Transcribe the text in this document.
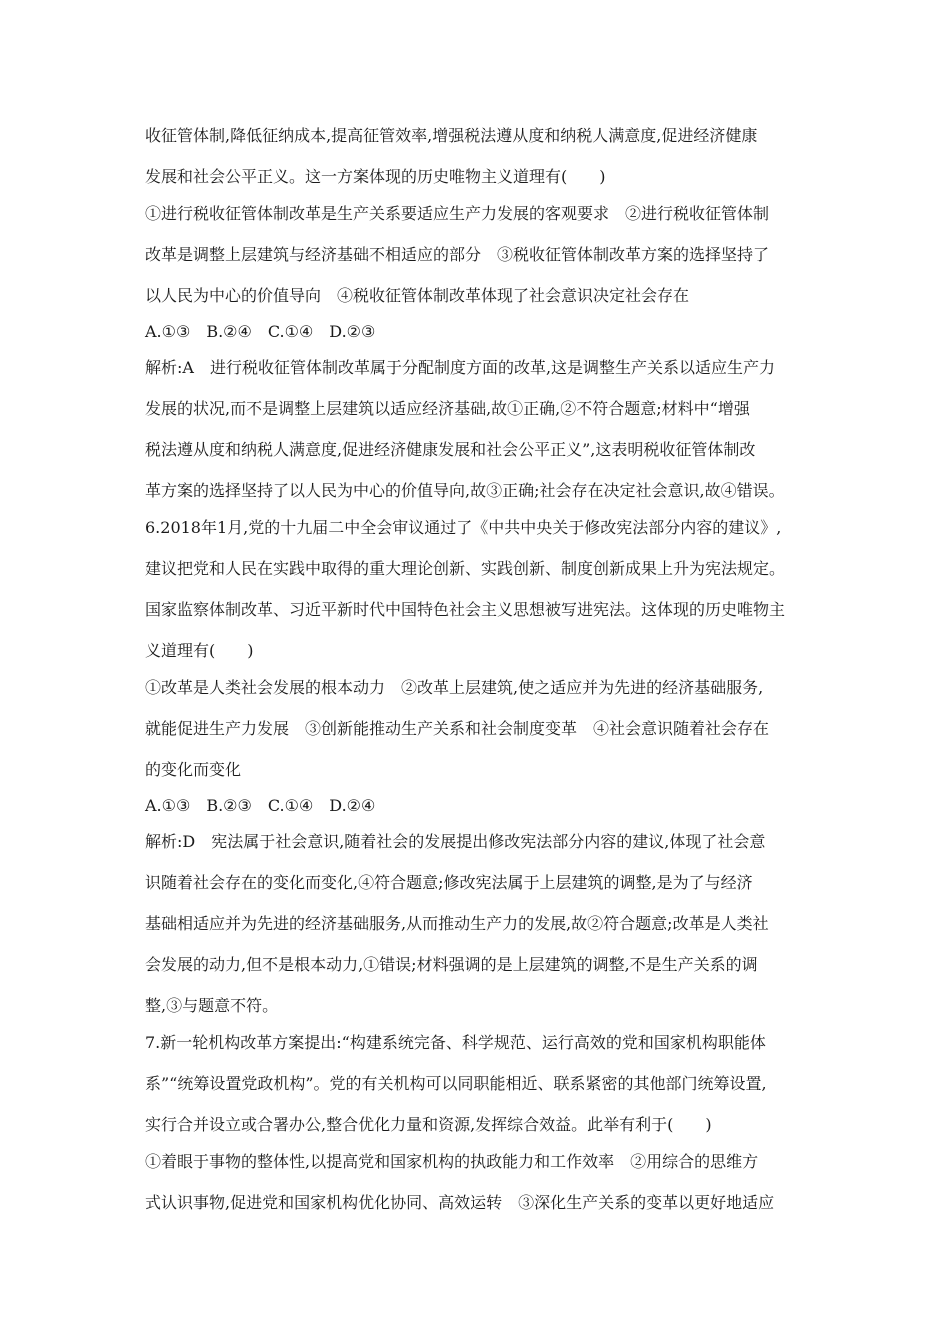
收征管体制,降低征纳成本,提高征管效率,增强税法遵从度和纳税人满意度,促进经济健康
发展和社会公平正义。这一方案体现的历史唯物主义道理有(　　)
①进行税收征管体制改革是生产关系要适应生产力发展的客观要求　②进行税收征管体制
改革是调整上层建筑与经济基础不相适应的部分　③税收征管体制改革方案的选择坚持了
以人民为中心的价值导向　④税收征管体制改革体现了社会意识决定社会存在
A.①③　B.②④　C.①④　D.②③
解析:A　进行税收征管体制改革属于分配制度方面的改革,这是调整生产关系以适应生产力
发展的状况,而不是调整上层建筑以适应经济基础,故①正确,②不符合题意;材料中“增强
税法遵从度和纳税人满意度,促进经济健康发展和社会公平正义”,这表明税收征管体制改
革方案的选择坚持了以人民为中心的价值导向,故③正确;社会存在决定社会意识,故④错误。
6.2018年1月,党的十九届二中全会审议通过了《中共中央关于修改宪法部分内容的建议》,
建议把党和人民在实践中取得的重大理论创新、实践创新、制度创新成果上升为宪法规定。
国家监察体制改革、习近平新时代中国特色社会主义思想被写进宪法。这体现的历史唯物主
义道理有(　　)
①改革是人类社会发展的根本动力　②改革上层建筑,使之适应并为先进的经济基础服务,
就能促进生产力发展　③创新能推动生产关系和社会制度变革　④社会意识随着社会存在
的变化而变化
A.①③　B.②③　C.①④　D.②④
解析:D　宪法属于社会意识,随着社会的发展提出修改宪法部分内容的建议,体现了社会意
识随着社会存在的变化而变化,④符合题意;修改宪法属于上层建筑的调整,是为了与经济
基础相适应并为先进的经济基础服务,从而推动生产力的发展,故②符合题意;改革是人类社
会发展的动力,但不是根本动力,①错误;材料强调的是上层建筑的调整,不是生产关系的调
整,③与题意不符。
7.新一轮机构改革方案提出:“构建系统完备、科学规范、运行高效的党和国家机构职能体
系”“统筹设置党政机构”。党的有关机构可以同职能相近、联系紧密的其他部门统筹设置,
实行合并设立或合署办公,整合优化力量和资源,发挥综合效益。此举有利于(　　)
①着眼于事物的整体性,以提高党和国家机构的执政能力和工作效率　②用综合的思维方
式认识事物,促进党和国家机构优化协同、高效运转　③深化生产关系的变革以更好地适应
